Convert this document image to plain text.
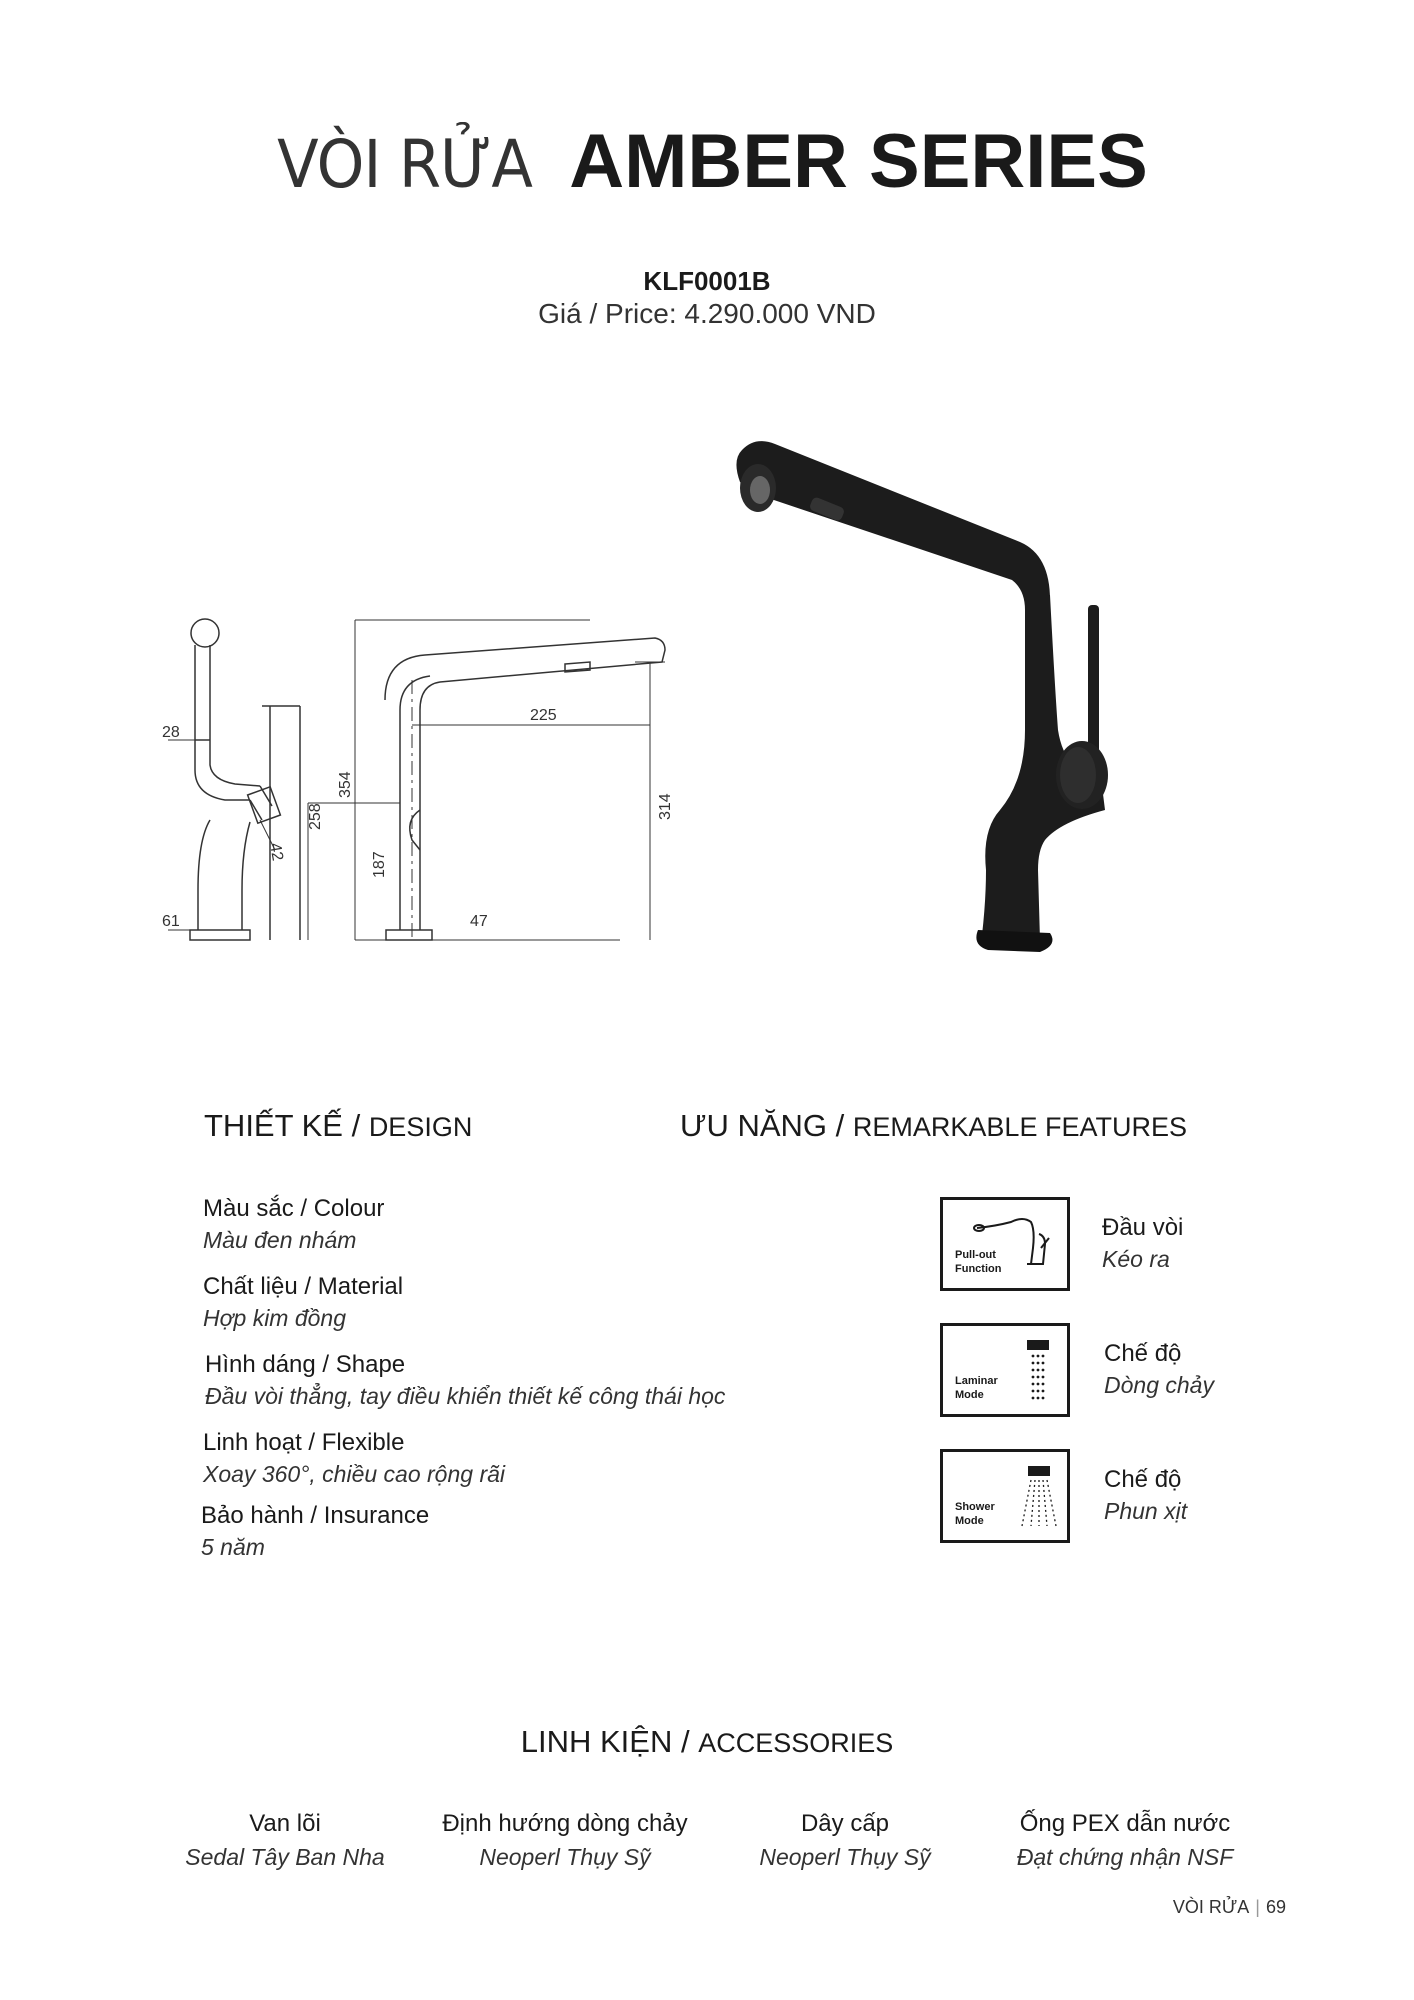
VÒI RỬA AMBER SERIES
KLF0001B
Giá / Price: 4.290.000 VND
28
258
42
61
354
187
225
314
47
THIẾT KẾ / DESIGN
Màu sắc / Colour
Màu đen nhám
Chất liệu / Material
Hợp kim đồng
Hình dáng / Shape
Đầu vòi thẳng, tay điều khiển thiết kế công thái học
Linh hoạt / Flexible
Xoay 360°, chiều cao rộng rãi
Bảo hành / Insurance
5 năm
ƯU NĂNG / REMARKABLE FEATURES
Pull-out
Function
Đầu vòi
Kéo ra
Laminar
Mode
Chế độ
Dòng chảy
Shower
Mode
Chế độ
Phun xịt
LINH KIỆN / ACCESSORIES
Van lõi
Sedal Tây Ban Nha
Định hướng dòng chảy
Neoperl Thụy Sỹ
Dây cấp
Neoperl Thụy Sỹ
Ống PEX dẫn nước
Đạt chứng nhận NSF
VÒI RỬA | 69
